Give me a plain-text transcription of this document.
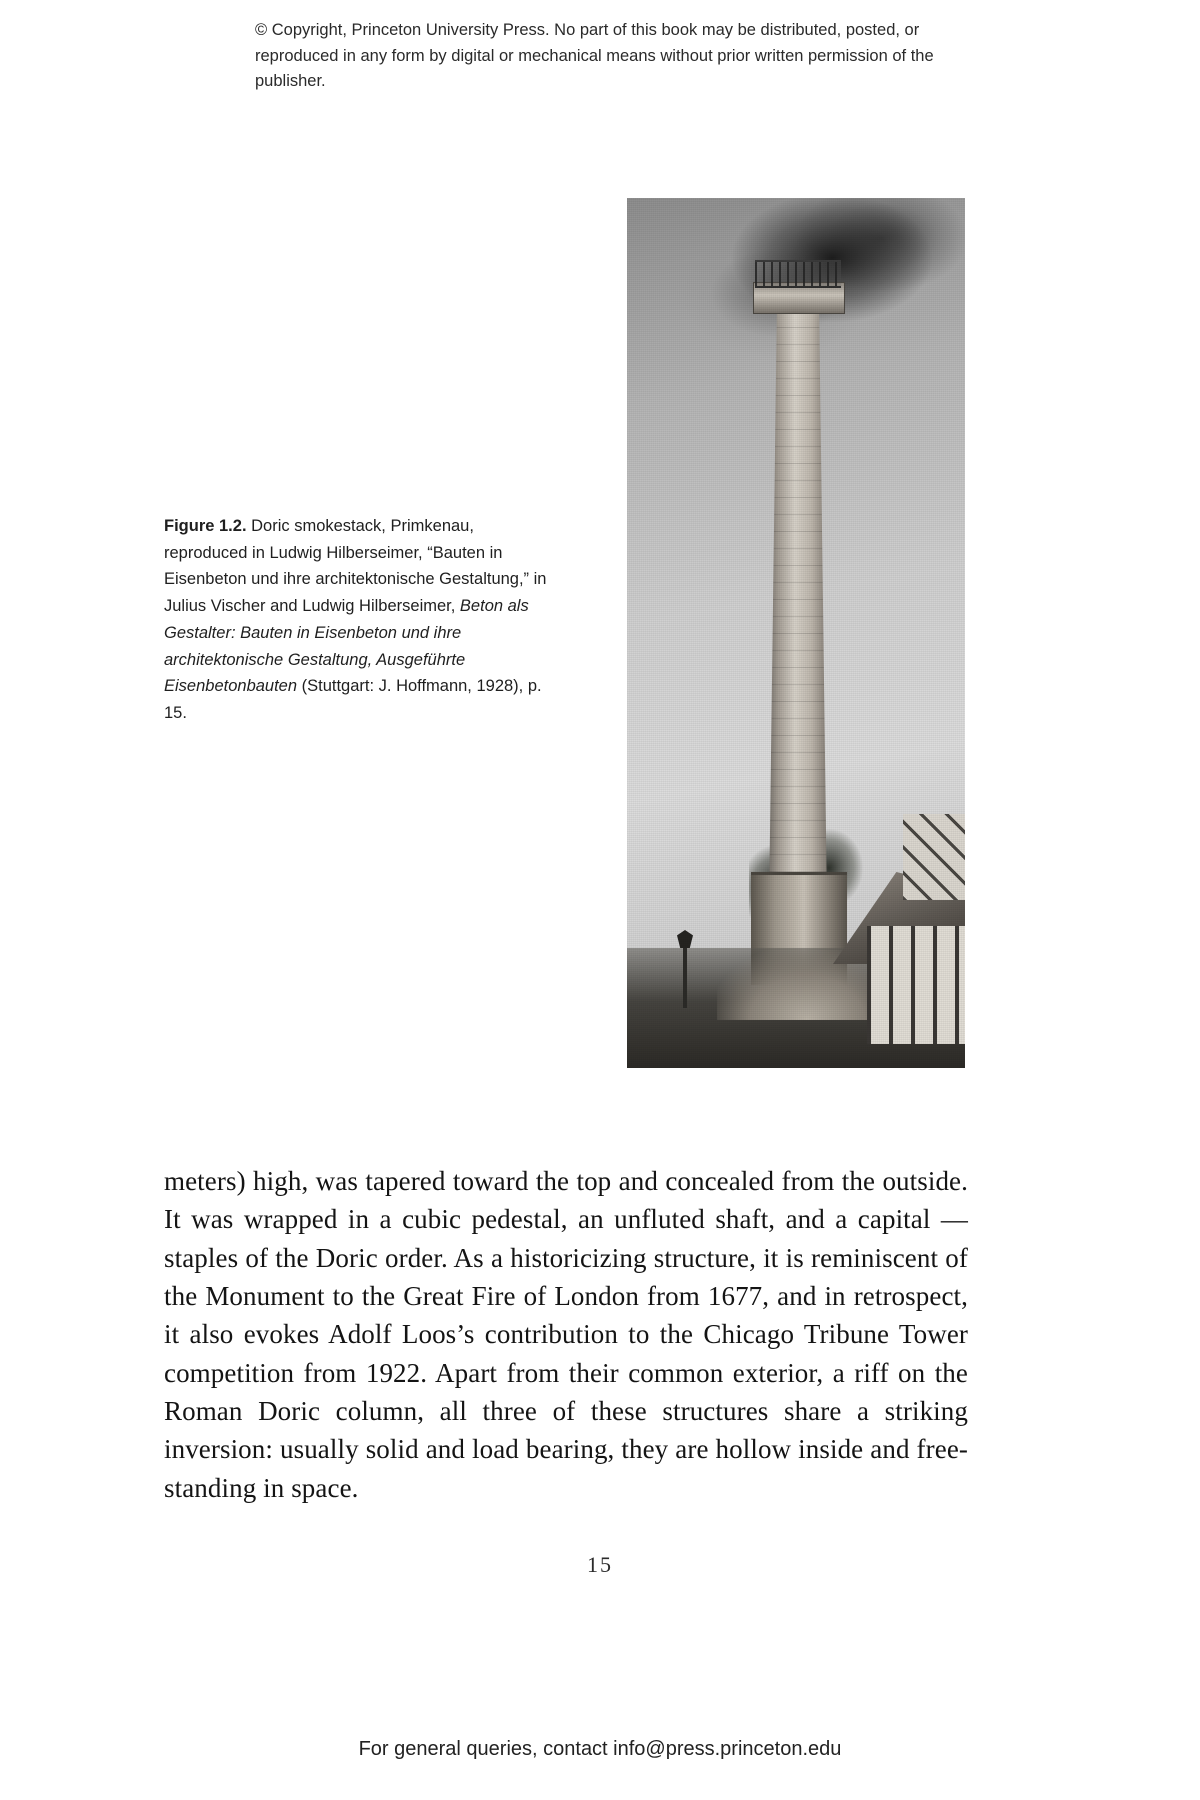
© Copyright, Princeton University Press. No part of this book may be distributed, posted, or reproduced in any form by digital or mechanical means without prior written permission of the publisher.
Figure 1.2. Doric smokestack, Primkenau, reproduced in Ludwig Hilberseimer, “Bauten in Eisenbeton und ihre architektonische Gestaltung,” in Julius Vischer and Ludwig Hilberseimer, Beton als Gestalter: Bauten in Eisenbeton und ihre architektonische Gestaltung, Ausgeführte Eisenbetonbauten (Stuttgart: J. Hoffmann, 1928), p. 15.
meters) high, was tapered toward the top and concealed from the outside. It was wrapped in a cubic pedestal, an unfluted shaft, and a capital — staples of the Doric order. As a historicizing structure, it is reminiscent of the Monument to the Great Fire of London from 1677, and in retrospect, it also evokes Adolf Loos’s contribution to the Chicago Tribune Tower competition from 1922. Apart from their common exterior, a riff on the Roman Doric column, all three of these structures share a striking inversion: usually solid and load bearing, they are hollow inside and free-standing in space.
15
For general queries, contact info@press.princeton.edu
